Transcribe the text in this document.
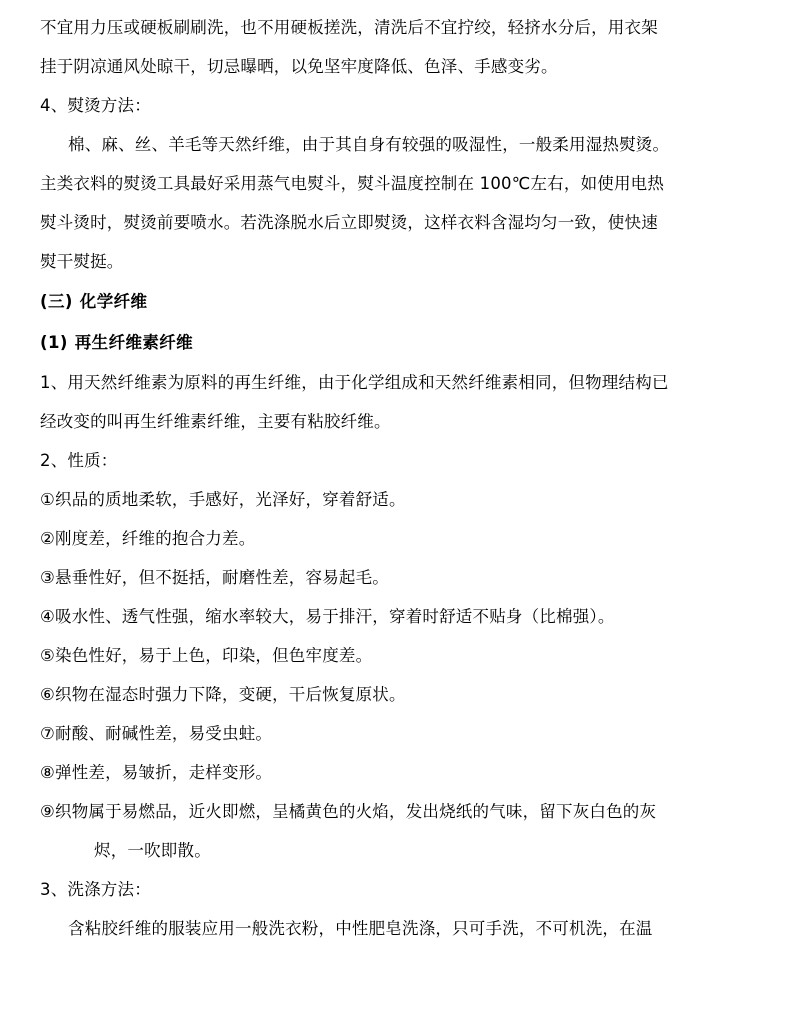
不宜用力压或硬板刷刷洗，也不用硬板搓洗，清洗后不宜拧绞，轻挤水分后，用衣架

挂于阴凉通风处晾干，切忌曝晒，以免坚牢度降低、色泽、手感变劣。

4、熨烫方法：

棉、麻、丝、羊毛等天然纤维，由于其自身有较强的吸湿性，一般柔用湿热熨烫。

主类衣料的熨烫工具最好采用蒸气电熨斗，熨斗温度控制在 100℃左右，如使用电热

熨斗烫时，熨烫前要喷水。若洗涤脱水后立即熨烫，这样衣料含湿均匀一致，使快速

熨干熨挺。

(三) 化学纤维

(1) 再生纤维素纤维

1、用天然纤维素为原料的再生纤维，由于化学组成和天然纤维素相同，但物理结构已

经改变的叫再生纤维素纤维，主要有粘胶纤维。

2、性质：

①织品的质地柔软，手感好，光泽好，穿着舒适。

②刚度差，纤维的抱合力差。

③悬垂性好，但不挺括，耐磨性差，容易起毛。

④吸水性、透气性强，缩水率较大，易于排汗，穿着时舒适不贴身（比棉强）。

⑤染色性好，易于上色，印染，但色牢度差。

⑥织物在湿态时强力下降，变硬，干后恢复原状。

⑦耐酸、耐碱性差，易受虫蛀。

⑧弹性差，易皱折，走样变形。

⑨织物属于易燃品，近火即燃，呈橘黄色的火焰，发出烧纸的气味，留下灰白色的灰

烬，一吹即散。

3、洗涤方法：

含粘胶纤维的服装应用一般洗衣粉，中性肥皂洗涤，只可手洗，不可机洗，在温
